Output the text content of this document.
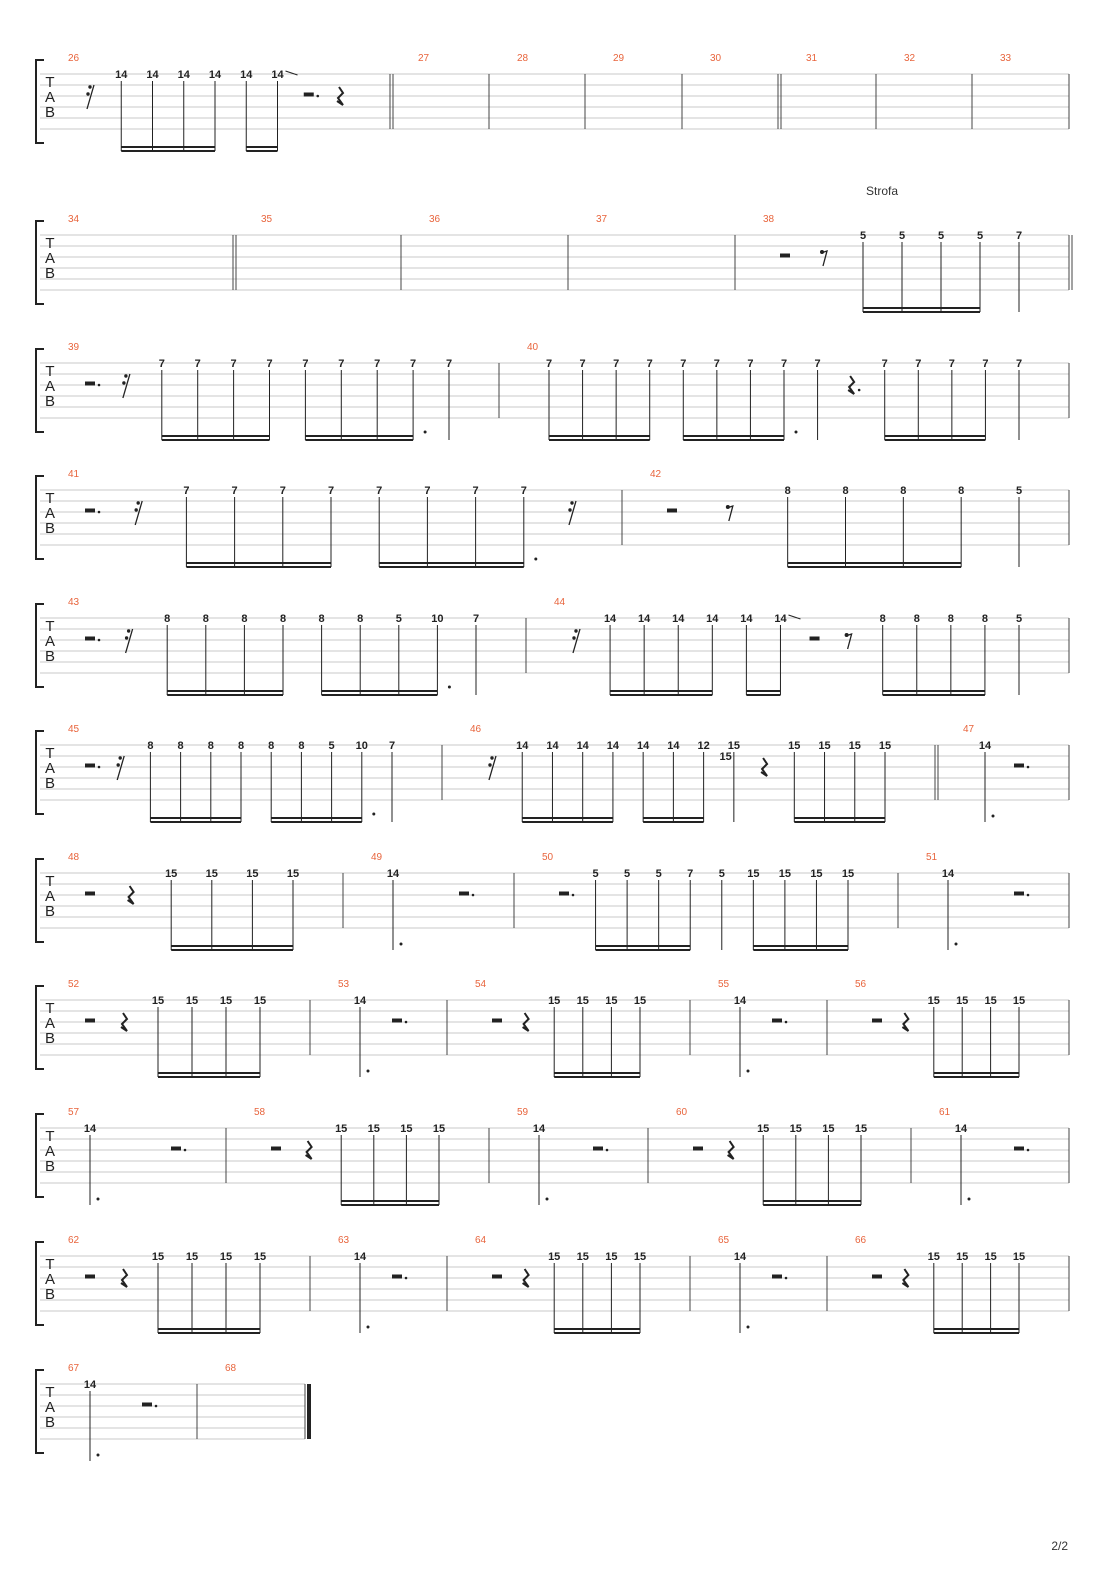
Strofa
T
A
B
26
14 14 14 14 14 14
27	28	29	30	31	32	33
T
A
B
34	35	36	37	38
5	5	5	5	7
T
A
B
39
7	7	7	7	7	7	7	7	7
40
7 7 7 7 7 7 7 7 7	7 7 7 7 7
T
A
B
41
7	7	7	7	7	7	7	7
42
8	8	8	8	5
T
A
B
43
8	8	8	8	8	8	5	10	7
44
14 14 14 14 14 14	8	8	8	8	5
T
A
B
45
8 8 8 8 8 8 5 10 7
46
14 14 14 14 14 14 12
15
15	15 15 15 15
47
14
T
A
B
48
15	15	15	15
49
14
50
5 5 5 7 5 15 15 15 15
51
14
T
A
B
52
15 15 15 15
53
14
54
15 15 15 15
55
14
56
15 15 15 15
T
A
B
57
14
58
15 15 15 15
59
14
60
15 15 15 15
61
14
T
A
B
62
15 15 15 15
63
14
64
15 15 15 15
65
14
66
15 15 15 15
T
A
B
67
14
68
2/2
